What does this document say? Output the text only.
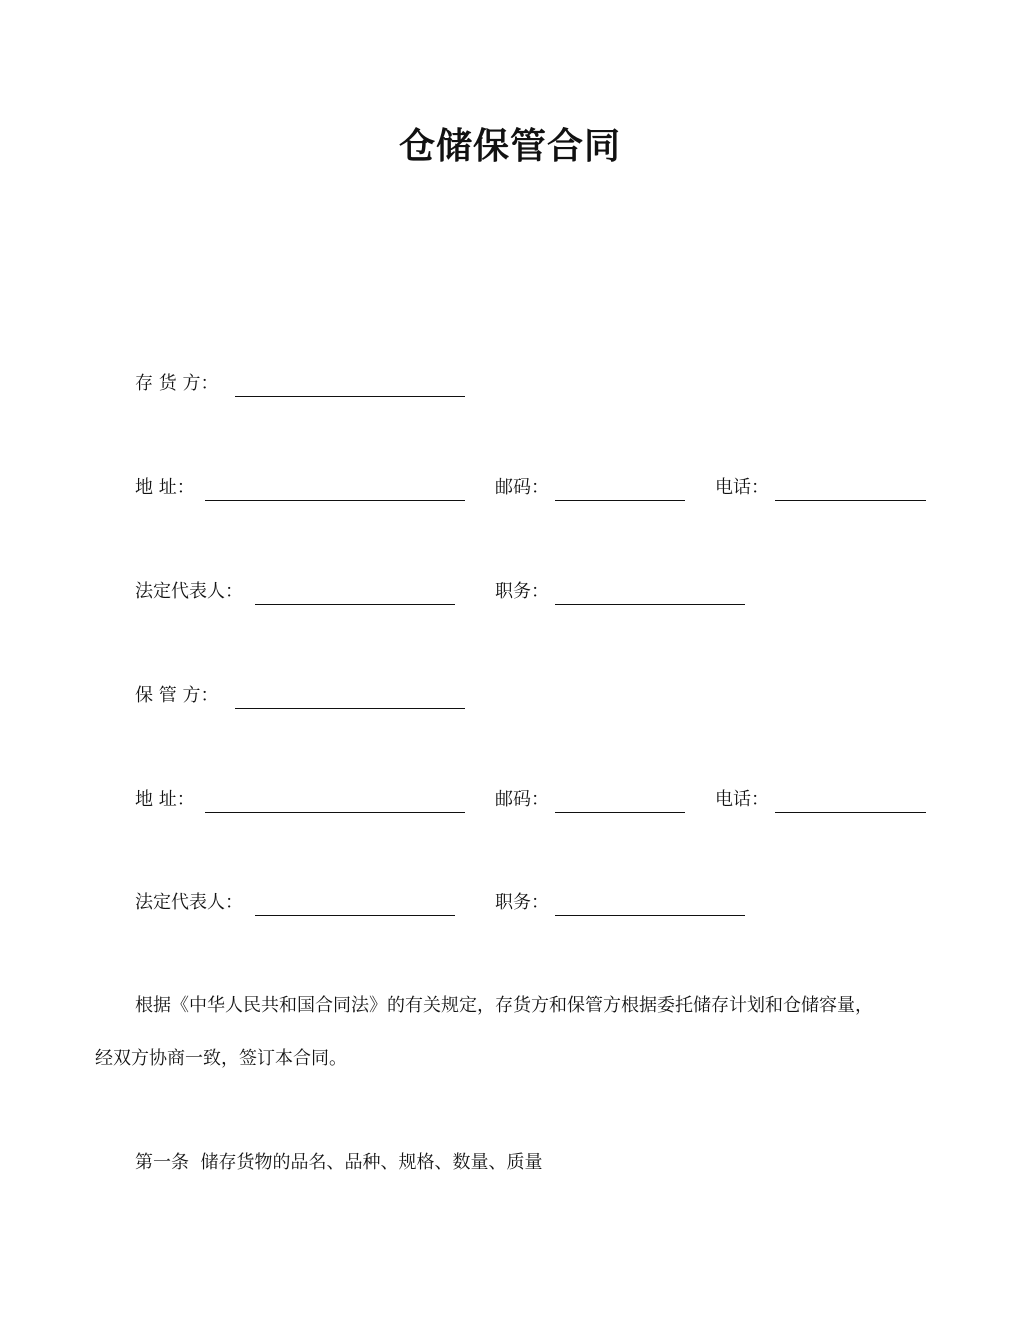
仓储保管合同
存 货 方：
地 址：	邮码：	电话：
法定代表人：	职务：
保 管 方：
地 址：	邮码：	电话：
法定代表人：	职务：

根据《中华人民共和国合同法》的有关规定，存货方和保管方根据委托储存计划和仓储容量，

经双方协商一致，签订本合同。

第一条  储存货物的品名、品种、规格、数量、质量
